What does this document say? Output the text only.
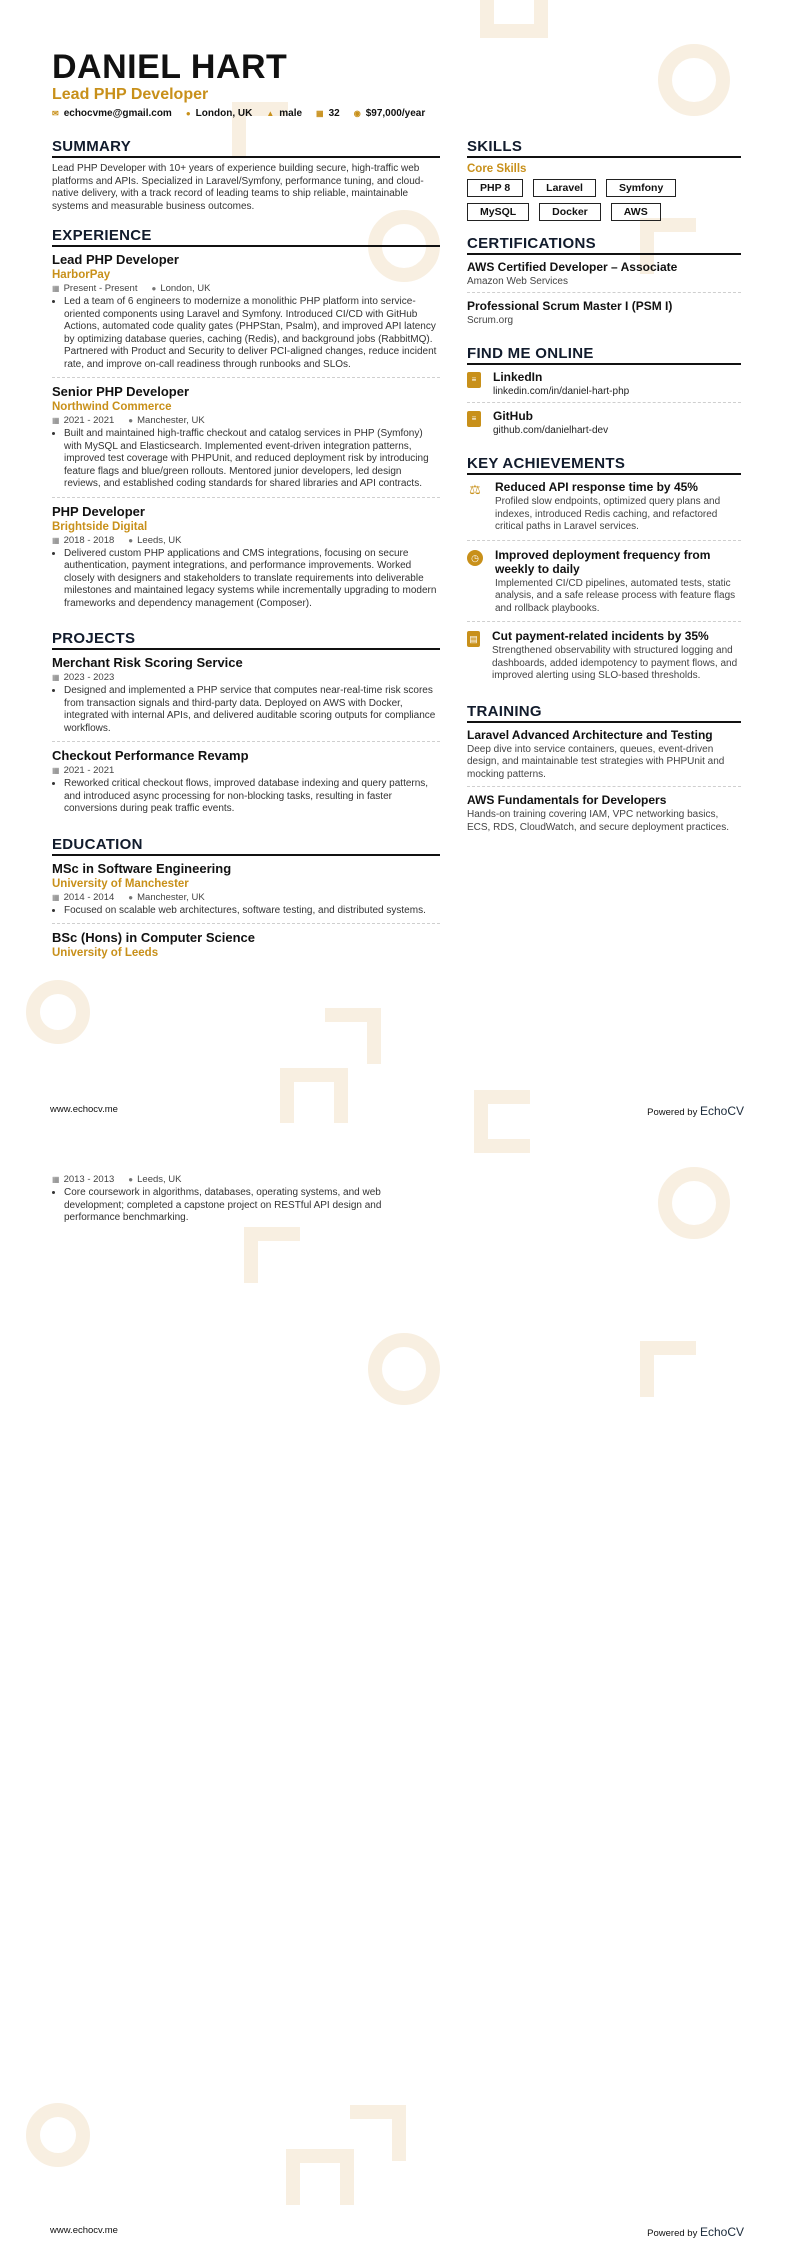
DANIEL HART
Lead PHP Developer
✉ echocvme@gmail.com ● London, UK ▲ male ▦ 32 ◉ $97,000/year
SUMMARY

Lead PHP Developer with 10+ years of experience building secure, high-traffic web platforms and APIs. Specialized in Laravel/Symfony, performance tuning, and cloud-native delivery, with a track record of leading teams to ship reliable, maintainable systems and measurable business outcomes.

EXPERIENCE

Lead PHP Developer

HarborPay

▦ Present - Present ● London, UK
• Led a team of 6 engineers to modernize a monolithic PHP platform into service-oriented components using Laravel and Symfony. Introduced CI/CD with GitHub Actions, automated code quality gates (PHPStan, Psalm), and improved API latency by optimizing database queries, caching (Redis), and background jobs (RabbitMQ). Partnered with Product and Security to deliver PCI-aligned changes, reduce incident rate, and improve on-call readiness through runbooks and SLOs.

Senior PHP Developer

Northwind Commerce

▦ 2021 - 2021 ● Manchester, UK
• Built and maintained high-traffic checkout and catalog services in PHP (Symfony) with MySQL and Elasticsearch. Implemented event-driven integration patterns, improved test coverage with PHPUnit, and reduced deployment risk by introducing feature flags and blue/green rollouts. Mentored junior developers, led design reviews, and established coding standards for shared libraries and API contracts.

PHP Developer

Brightside Digital

▦ 2018 - 2018 ● Leeds, UK
• Delivered custom PHP applications and CMS integrations, focusing on secure authentication, payment integrations, and performance improvements. Worked closely with designers and stakeholders to translate requirements into deliverable milestones and maintained legacy systems while incrementally upgrading to modern frameworks and dependency management (Composer).
PROJECTS

Merchant Risk Scoring Service

▦ 2023 - 2023
• Designed and implemented a PHP service that computes near-real-time risk scores from transaction signals and third-party data. Deployed on AWS with Docker, integrated with internal APIs, and delivered auditable scoring outputs for compliance workflows.

Checkout Performance Revamp

▦ 2021 - 2021
• Reworked critical checkout flows, improved database indexing and query patterns, and introduced async processing for non-blocking tasks, resulting in faster conversions during peak traffic events.
EDUCATION

MSc in Software Engineering

University of Manchester

▦ 2014 - 2014 ● Manchester, UK
• Focused on scalable web architectures, software testing, and distributed systems.

BSc (Hons) in Computer Science

University of Leeds

SKILLS
Core Skills
PHP 8	Laravel	Symfony
MySQL	Docker	AWS
CERTIFICATIONS

AWS Certified Developer – Associate

Amazon Web Services

Professional Scrum Master I (PSM I)

Scrum.org

FIND ME ONLINE
≡	LinkedIn

linkedin.com/in/daniel-hart-php

≡	GitHub

github.com/danielhart-dev

KEY ACHIEVEMENTS
⚖ Reduced API response time by 45%

Profiled slow endpoints, optimized query plans and indexes, introduced Redis caching, and refactored critical paths in Laravel services.

◷	Improved deployment frequency from weekly to daily

Implemented CI/CD pipelines, automated tests, static analysis, and a safe release process with feature flags and rollback playbooks.

▤ Cut payment-related incidents by 35%

Strengthened observability with structured logging and dashboards, added idempotency to payment flows, and improved alerting using SLO-based thresholds.

TRAINING

Laravel Advanced Architecture and Testing

Deep dive into service containers, queues, event-driven design, and maintainable test strategies with PHPUnit and mocking patterns.

AWS Fundamentals for Developers

Hands-on training covering IAM, VPC networking basics, ECS, RDS, CloudWatch, and secure deployment practices.

www.echocv.me	Powered by EchoCV
www.echocv.me	Powered by EchoCV
▦ 2013 - 2013 ● Leeds, UK
• Core coursework in algorithms, databases, operating systems, and web development; completed a capstone project on RESTful API design and performance benchmarking.
